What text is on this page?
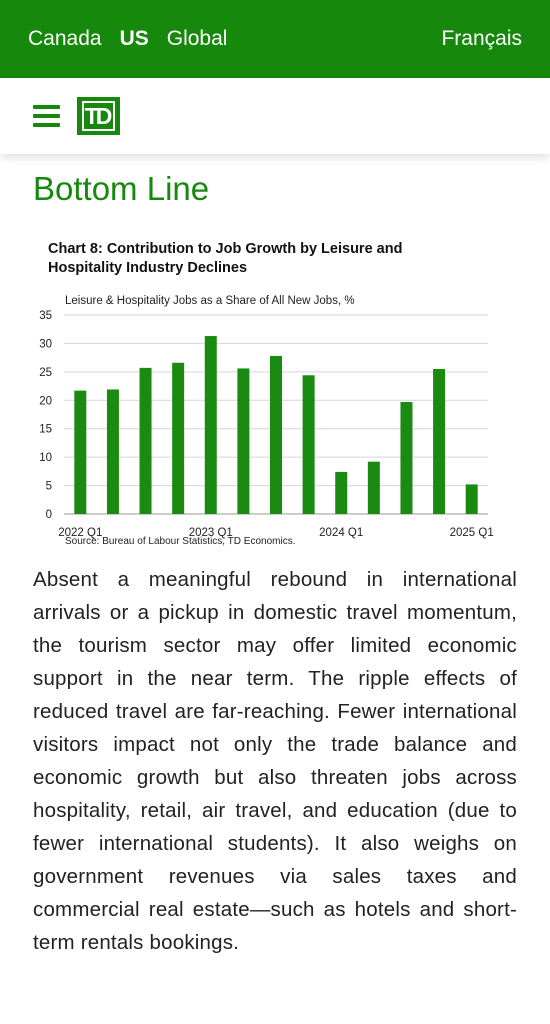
Canada US Global	Français
TD
Bottom Line
Chart 8: Contribution to Job Growth by Leisure and Hospitality Industry Declines
Leisure & Hospitality Jobs as a Share of All New Jobs, %
0
5
10
15
20
25
30
35
2022 Q1	2023 Q1	2024 Q1	2025 Q1
Source: Bureau of Labour Statistics, TD Economics.

Absent a meaningful rebound in international arrivals or a pickup in domestic travel momentum, the tourism sector may offer limited economic support in the near term. The ripple effects of reduced travel are far-reaching. Fewer international visitors impact not only the trade balance and economic growth but also threaten jobs across hospitality, retail, air travel, and education (due to fewer international students). It also weighs on government revenues via sales taxes and commercial real estate—such as hotels and short-term rentals bookings.
